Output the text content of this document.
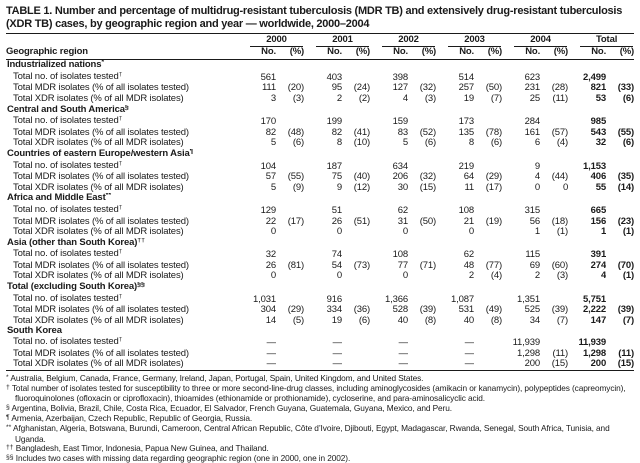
TABLE 1. Number and percentage of multidrug-resistant tuberculosis (MDR TB) and extensively drug-resistant tuberculosis (XDR TB) cases, by geographic region and year — worldwide, 2000–2004

	2000		2001		2002		2003		2004		Total	

Geographic region	No.	(%)	No.	(%)	No.	(%)	No.	(%)	No.	(%)	No.	(%)
Industrialized nations*
Total no. of isolates tested†	561		403		398		514		623		2,499	
Total MDR isolates (% of all isolates tested)	111	(20)	95	(24)	127	(32)	257	(50)	231	(28)	821	(33)
Total XDR isolates (% of all MDR isolates)	3	(3)	2	(2)	4	(3)	19	(7)	25	(11)	53	(6)
Central and South America§
Total no. of isolates tested†	170		199		159		173		284		985	
Total MDR isolates (% of all isolates tested)	82	(48)	82	(41)	83	(52)	135	(78)	161	(57)	543	(55)
Total XDR isolates (% of all MDR isolates)	5	(6)	8	(10)	5	(6)	8	(6)	6	(4)	32	(6)
Countries of eastern Europe/western Asia¶
Total no. of isolates tested†	104		187		634		219		9		1,153	
Total MDR isolates (% of all isolates tested)	57	(55)	75	(40)	206	(32)	64	(29)	4	(44)	406	(35)
Total XDR isolates (% of all MDR isolates)	5	(9)	9	(12)	30	(15)	11	(17)	0	0	55	(14)
Africa and Middle East**
Total no. of isolates tested†	129		51		62		108		315		665	
Total MDR isolates (% of all isolates tested)	22	(17)	26	(51)	31	(50)	21	(19)	56	(18)	156	(23)
Total XDR isolates (% of all MDR isolates)	0		0		0		0		1	(1)	1	(1)
Asia (other than South Korea)††
Total no. of isolates tested†	32		74		108		62		115		391	
Total MDR isolates (% of all isolates tested)	26	(81)	54	(73)	77	(71)	48	(77)	69	(60)	274	(70)
Total XDR isolates (% of all MDR isolates)	0		0		0		2	(4)	2	(3)	4	(1)
Total (excluding South Korea)§§
Total no. of isolates tested†	1,031		916		1,366		1,087		1,351		5,751	
Total MDR isolates (% of all isolates tested)	304	(29)	334	(36)	528	(39)	531	(49)	525	(39)	2,222	(39)
Total XDR isolates (% of all MDR isolates)	14	(5)	19	(6)	40	(8)	40	(8)	34	(7)	147	(7)
South Korea												
Total no. of isolates tested†	—		—		—		—		11,939		11,939	
Total MDR isolates (% of all isolates tested)	—		—		—		—		1,298	(11)	1,298	(11)
Total XDR isolates (% of all MDR isolates)	—		—		—		—		200	(15)	200	(15)
* Australia, Belgium, Canada, France, Germany, Ireland, Japan, Portugal, Spain, United Kingdom, and United States.
† Total number of isolates tested for susceptibility to three or more second-line-drug classes, including aminoglycosides (amikacin or kanamycin), polypeptides (capreomycin), fluoroquinolones (ofloxacin or ciprofloxacin), thioamides (ethionamide or prothionamide), cycloserine, and para-aminosalicyclic acid.
§ Argentina, Bolivia, Brazil, Chile, Costa Rica, Ecuador, El Salvador, French Guyana, Guatemala, Guyana, Mexico, and Peru.
¶ Armenia, Azerbaijan, Czech Republic, Republic of Georgia, Russia.
** Afghanistan, Algeria, Botswana, Burundi, Cameroon, Central African Republic, Côte d’Ivoire, Djibouti, Egypt, Madagascar, Rwanda, Senegal, South Africa, Tunisia, and Uganda.
†† Bangladesh, East Timor, Indonesia, Papua New Guinea, and Thailand.
§§ Includes two cases with missing data regarding geographic region (one in 2000, one in 2002).
